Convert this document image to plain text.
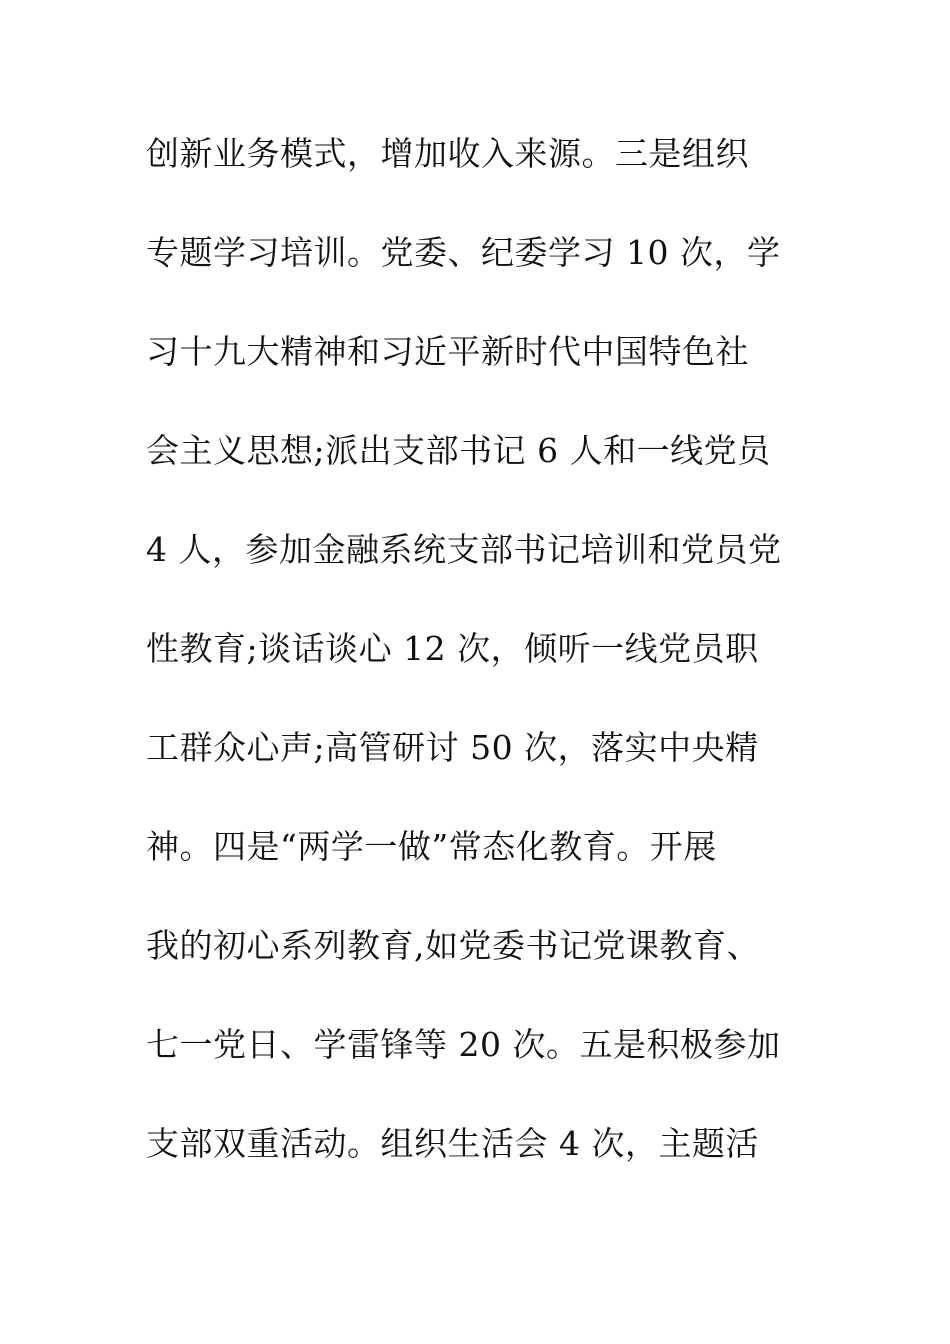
创新业务模式，增加收入来源。三是组织
专题学习培训。党委、纪委学习 10 次，学
习十九大精神和习近平新时代中国特色社
会主义思想;派出支部书记 6 人和一线党员
4 人，参加金融系统支部书记培训和党员党
性教育;谈话谈心 12 次，倾听一线党员职
工群众心声;高管研讨 50 次，落实中央精
神。四是“两学一做”常态化教育。开展
我的初心系列教育,如党委书记党课教育、
七一党日、学雷锋等 20 次。五是积极参加
支部双重活动。组织生活会 4 次，主题活
